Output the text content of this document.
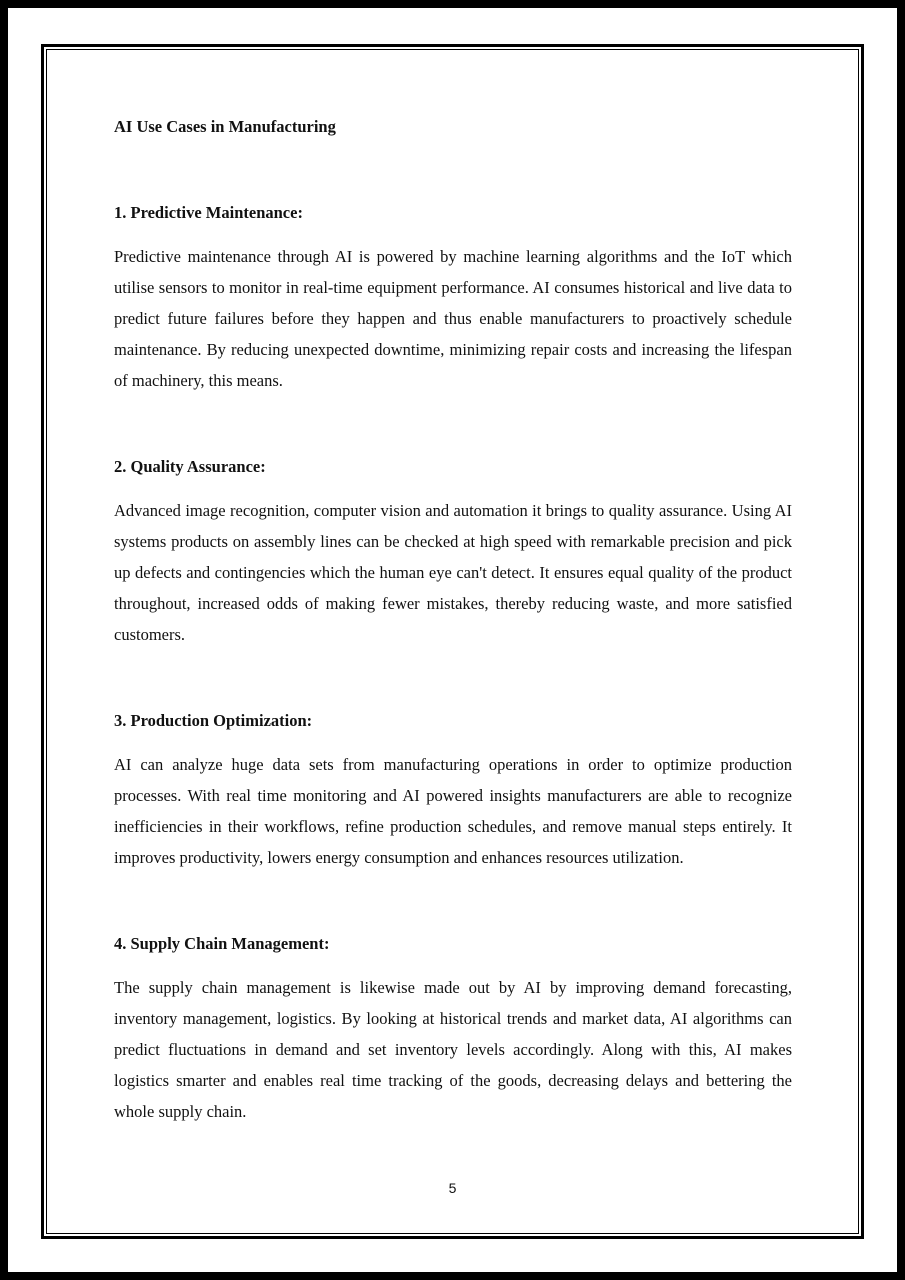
AI Use Cases in Manufacturing
1. Predictive Maintenance:

Predictive maintenance through AI is powered by machine learning algorithms and the IoT which utilise sensors to monitor in real-time equipment performance. AI consumes historical and live data to predict future failures before they happen and thus enable manufacturers to proactively schedule maintenance. By reducing unexpected downtime, minimizing repair costs and increasing the lifespan of machinery, this means.

2. Quality Assurance:

Advanced image recognition, computer vision and automation it brings to quality assurance. Using AI systems products on assembly lines can be checked at high speed with remarkable precision and pick up defects and contingencies which the human eye can't detect. It ensures equal quality of the product throughout, increased odds of making fewer mistakes, thereby reducing waste, and more satisfied customers.

3. Production Optimization:

AI can analyze huge data sets from manufacturing operations in order to optimize production processes. With real time monitoring and AI powered insights manufacturers are able to recognize inefficiencies in their workflows, refine production schedules, and remove manual steps entirely. It improves productivity, lowers energy consumption and enhances resources utilization.

4. Supply Chain Management:

The supply chain management is likewise made out by AI by improving demand forecasting, inventory management, logistics. By looking at historical trends and market data, AI algorithms can predict fluctuations in demand and set inventory levels accordingly. Along with this, AI makes logistics smarter and enables real time tracking of the goods, decreasing delays and bettering the whole supply chain.

5
